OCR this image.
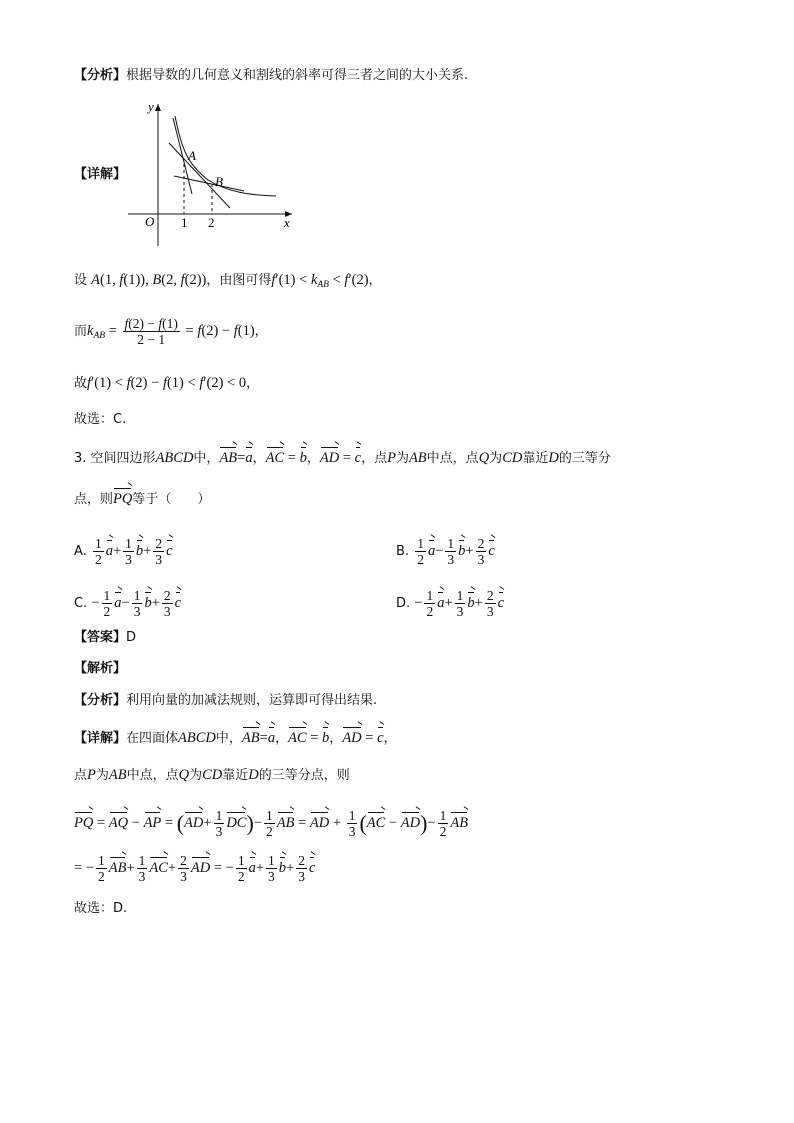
【分析】根据导数的几何意义和割线的斜率可得三者之间的大小关系.
【详解】
y
x
O
A
B
1 2
设 A(1, f(1)), B(2, f(2))，由图可得$f'(1) < k_{AB} < f'(2)$，
而$k_{AB} = \frac{f(2) - f(1)}{2 - 1} = f(2) - f(1)$，
故f′(1) < f(2) − f(1) < f′(2) < 0，
故选：C.
3. 空间四边形ABCD中，AB=a，AC = b，AD = c，点P为AB中点，点Q为CD靠近D的三等分
点，则PQ等于（　　）
A. $\frac{1}{2} a+ \frac{1}{3} b+ \frac{2}{3}$ c	B. $\frac{1}{2} a- \frac{1}{3} b+ \frac{2}{3}$ c
C. − $\frac{1}{2} a- \frac{1}{3} b+ \frac{2}{3}$ c	D. − $\frac{1}{2} a+ \frac{1}{3} b+ \frac{2}{3}$ c
【答案】D
【解析】
【分析】利用向量的加减法规则，运算即可得出结果.
【详解】在四面体ABCD中，AB=a，AC = b，AD = c，
点P为AB中点，点Q为CD靠近D的三等分点，则
PQ = AQ − AP = $(AD+ \frac{1}{3} DC)- \frac{1}{2}$ AB = AD + $\frac{1}{3} (AC - AD)- \frac{1}{2}$ AB
= − $\frac{1}{2} AB+ \frac{1}{3} AC+ \frac{2}{3}$ AD = − $\frac{1}{2} a+ \frac{1}{3} b+ \frac{2}{3}$ c
故选：D.
